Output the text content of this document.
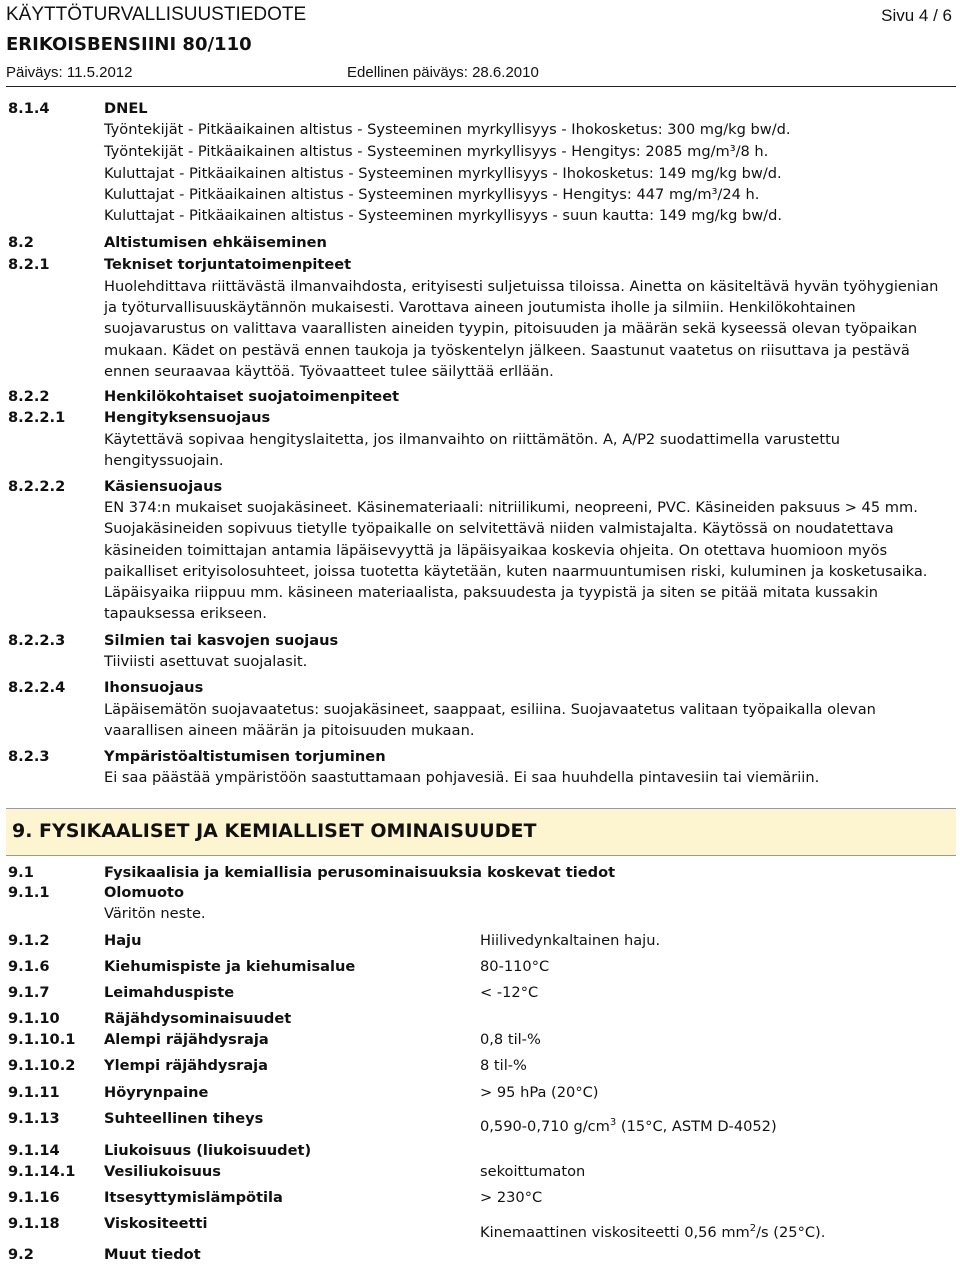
KÄYTTÖTURVALLISUUSTIEDOTE	Sivu 4 / 6
ERIKOISBENSIINI 80/110
Päiväys: 11.5.2012	Edellinen päiväys: 28.6.2010
8.1.4	DNEL
Työntekijät - Pitkäaikainen altistus - Systeeminen myrkyllisyys - Ihokosketus: 300 mg/kg bw/d.
Työntekijät - Pitkäaikainen altistus - Systeeminen myrkyllisyys - Hengitys: 2085 mg/m³/8 h.
Kuluttajat - Pitkäaikainen altistus - Systeeminen myrkyllisyys - Ihokosketus: 149 mg/kg bw/d.
Kuluttajat - Pitkäaikainen altistus - Systeeminen myrkyllisyys - Hengitys: 447 mg/m³/24 h.
Kuluttajat - Pitkäaikainen altistus - Systeeminen myrkyllisyys - suun kautta: 149 mg/kg bw/d.
8.2	Altistumisen ehkäiseminen
8.2.1	Tekniset torjuntatoimenpiteet
Huolehdittava riittävästä ilmanvaihdosta, erityisesti suljetuissa tiloissa. Ainetta on käsiteltävä hyvän työhygienian
ja työturvallisuuskäytännön mukaisesti. Varottava aineen joutumista iholle ja silmiin. Henkilökohtainen
suojavarustus on valittava vaarallisten aineiden tyypin, pitoisuuden ja määrän sekä kyseessä olevan työpaikan
mukaan. Kädet on pestävä ennen taukoja ja työskentelyn jälkeen. Saastunut vaatetus on riisuttava ja pestävä
ennen seuraavaa käyttöä. Työvaatteet tulee säilyttää erllään.
8.2.2	Henkilökohtaiset suojatoimenpiteet
8.2.2.1	Hengityksensuojaus
Käytettävä sopivaa hengityslaitetta, jos ilmanvaihto on riittämätön. A, A/P2 suodattimella varustettu
hengityssuojain.
8.2.2.2	Käsiensuojaus
EN 374:n mukaiset suojakäsineet. Käsinemateriaali: nitriilikumi, neopreeni, PVC. Käsineiden paksuus > 45 mm.
Suojakäsineiden sopivuus tietylle työpaikalle on selvitettävä niiden valmistajalta. Käytössä on noudatettava
käsineiden toimittajan antamia läpäisevyyttä ja läpäisyaikaa koskevia ohjeita. On otettava huomioon myös
paikalliset erityisolosuhteet, joissa tuotetta käytetään, kuten naarmuuntumisen riski, kuluminen ja kosketusaika.
Läpäisyaika riippuu mm. käsineen materiaalista, paksuudesta ja tyypistä ja siten se pitää mitata kussakin
tapauksessa erikseen.
8.2.2.3	Silmien tai kasvojen suojaus
Tiiviisti asettuvat suojalasit.
8.2.2.4	Ihonsuojaus
Läpäisemätön suojavaatetus: suojakäsineet, saappaat, esiliina. Suojavaatetus valitaan työpaikalla olevan
vaarallisen aineen määrän ja pitoisuuden mukaan.
8.2.3	Ympäristöaltistumisen torjuminen
Ei saa päästää ympäristöön saastuttamaan pohjavesiä. Ei saa huuhdella pintavesiin tai viemäriin.
9. FYSIKAALISET JA KEMIALLISET OMINAISUUDET
9.1	Fysikaalisia ja kemiallisia perusominaisuuksia koskevat tiedot
9.1.1	Olomuoto
Väritön neste.
9.1.2	Haju	Hiilivedynkaltainen haju.
9.1.6	Kiehumispiste ja kiehumisalue	80-110°C
9.1.7	Leimahduspiste	< -12°C
9.1.10	Räjähdysominaisuudet
9.1.10.1 Alempi räjähdysraja	0,8 til-%
9.1.10.2 Ylempi räjähdysraja	8 til-%
9.1.11	Höyrynpaine	> 95 hPa (20°C)
9.1.13	Suhteellinen tiheys	0,590-0,710 $g/cm^3$ (15°C, ASTM D-4052)
9.1.14	Liukoisuus (liukoisuudet)
9.1.14.1 Vesiliukoisuus	sekoittumaton
9.1.16	Itsesyttymislämpötila	> 230°C
9.1.18	Viskositeetti
Kinemaattinen viskositeetti 0,56 $mm^2/s$ (25°C).
9.2	Muut tiedot
